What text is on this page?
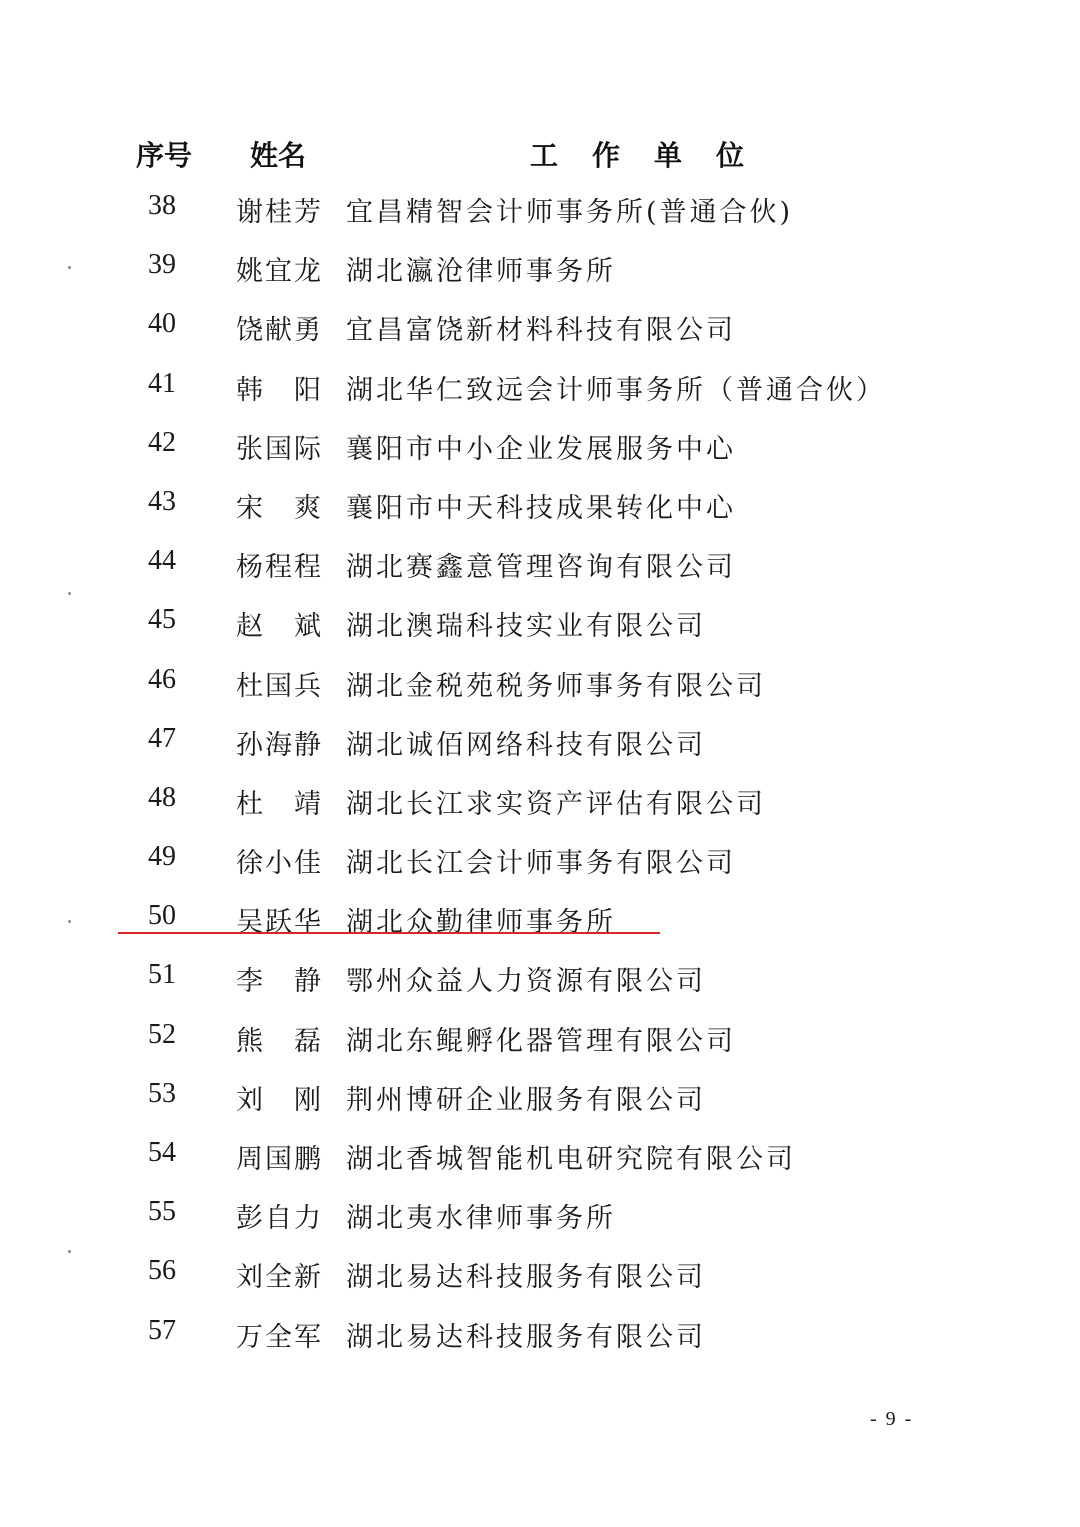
序号 姓名	工作单位
38	谢桂芳 宜昌精智会计师事务所(普通合伙)
39	姚宜龙 湖北瀛沧律师事务所
40	饶献勇 宜昌富饶新材料科技有限公司
41	韩　阳 湖北华仁致远会计师事务所（普通合伙）
42	张国际 襄阳市中小企业发展服务中心
43	宋　爽 襄阳市中天科技成果转化中心
44	杨程程 湖北赛鑫意管理咨询有限公司
45	赵　斌 湖北澳瑞科技实业有限公司
46	杜国兵 湖北金税苑税务师事务有限公司
47	孙海静 湖北诚佰网络科技有限公司
48	杜　靖 湖北长江求实资产评估有限公司
49	徐小佳 湖北长江会计师事务有限公司
50	吴跃华 湖北众勤律师事务所
51	李　静 鄂州众益人力资源有限公司
52	熊　磊 湖北东鲲孵化器管理有限公司
53	刘　刚 荆州博研企业服务有限公司
54	周国鹏 湖北香城智能机电研究院有限公司
55	彭自力 湖北夷水律师事务所
56	刘全新 湖北易达科技服务有限公司
57	万全军 湖北易达科技服务有限公司
- 9 -
